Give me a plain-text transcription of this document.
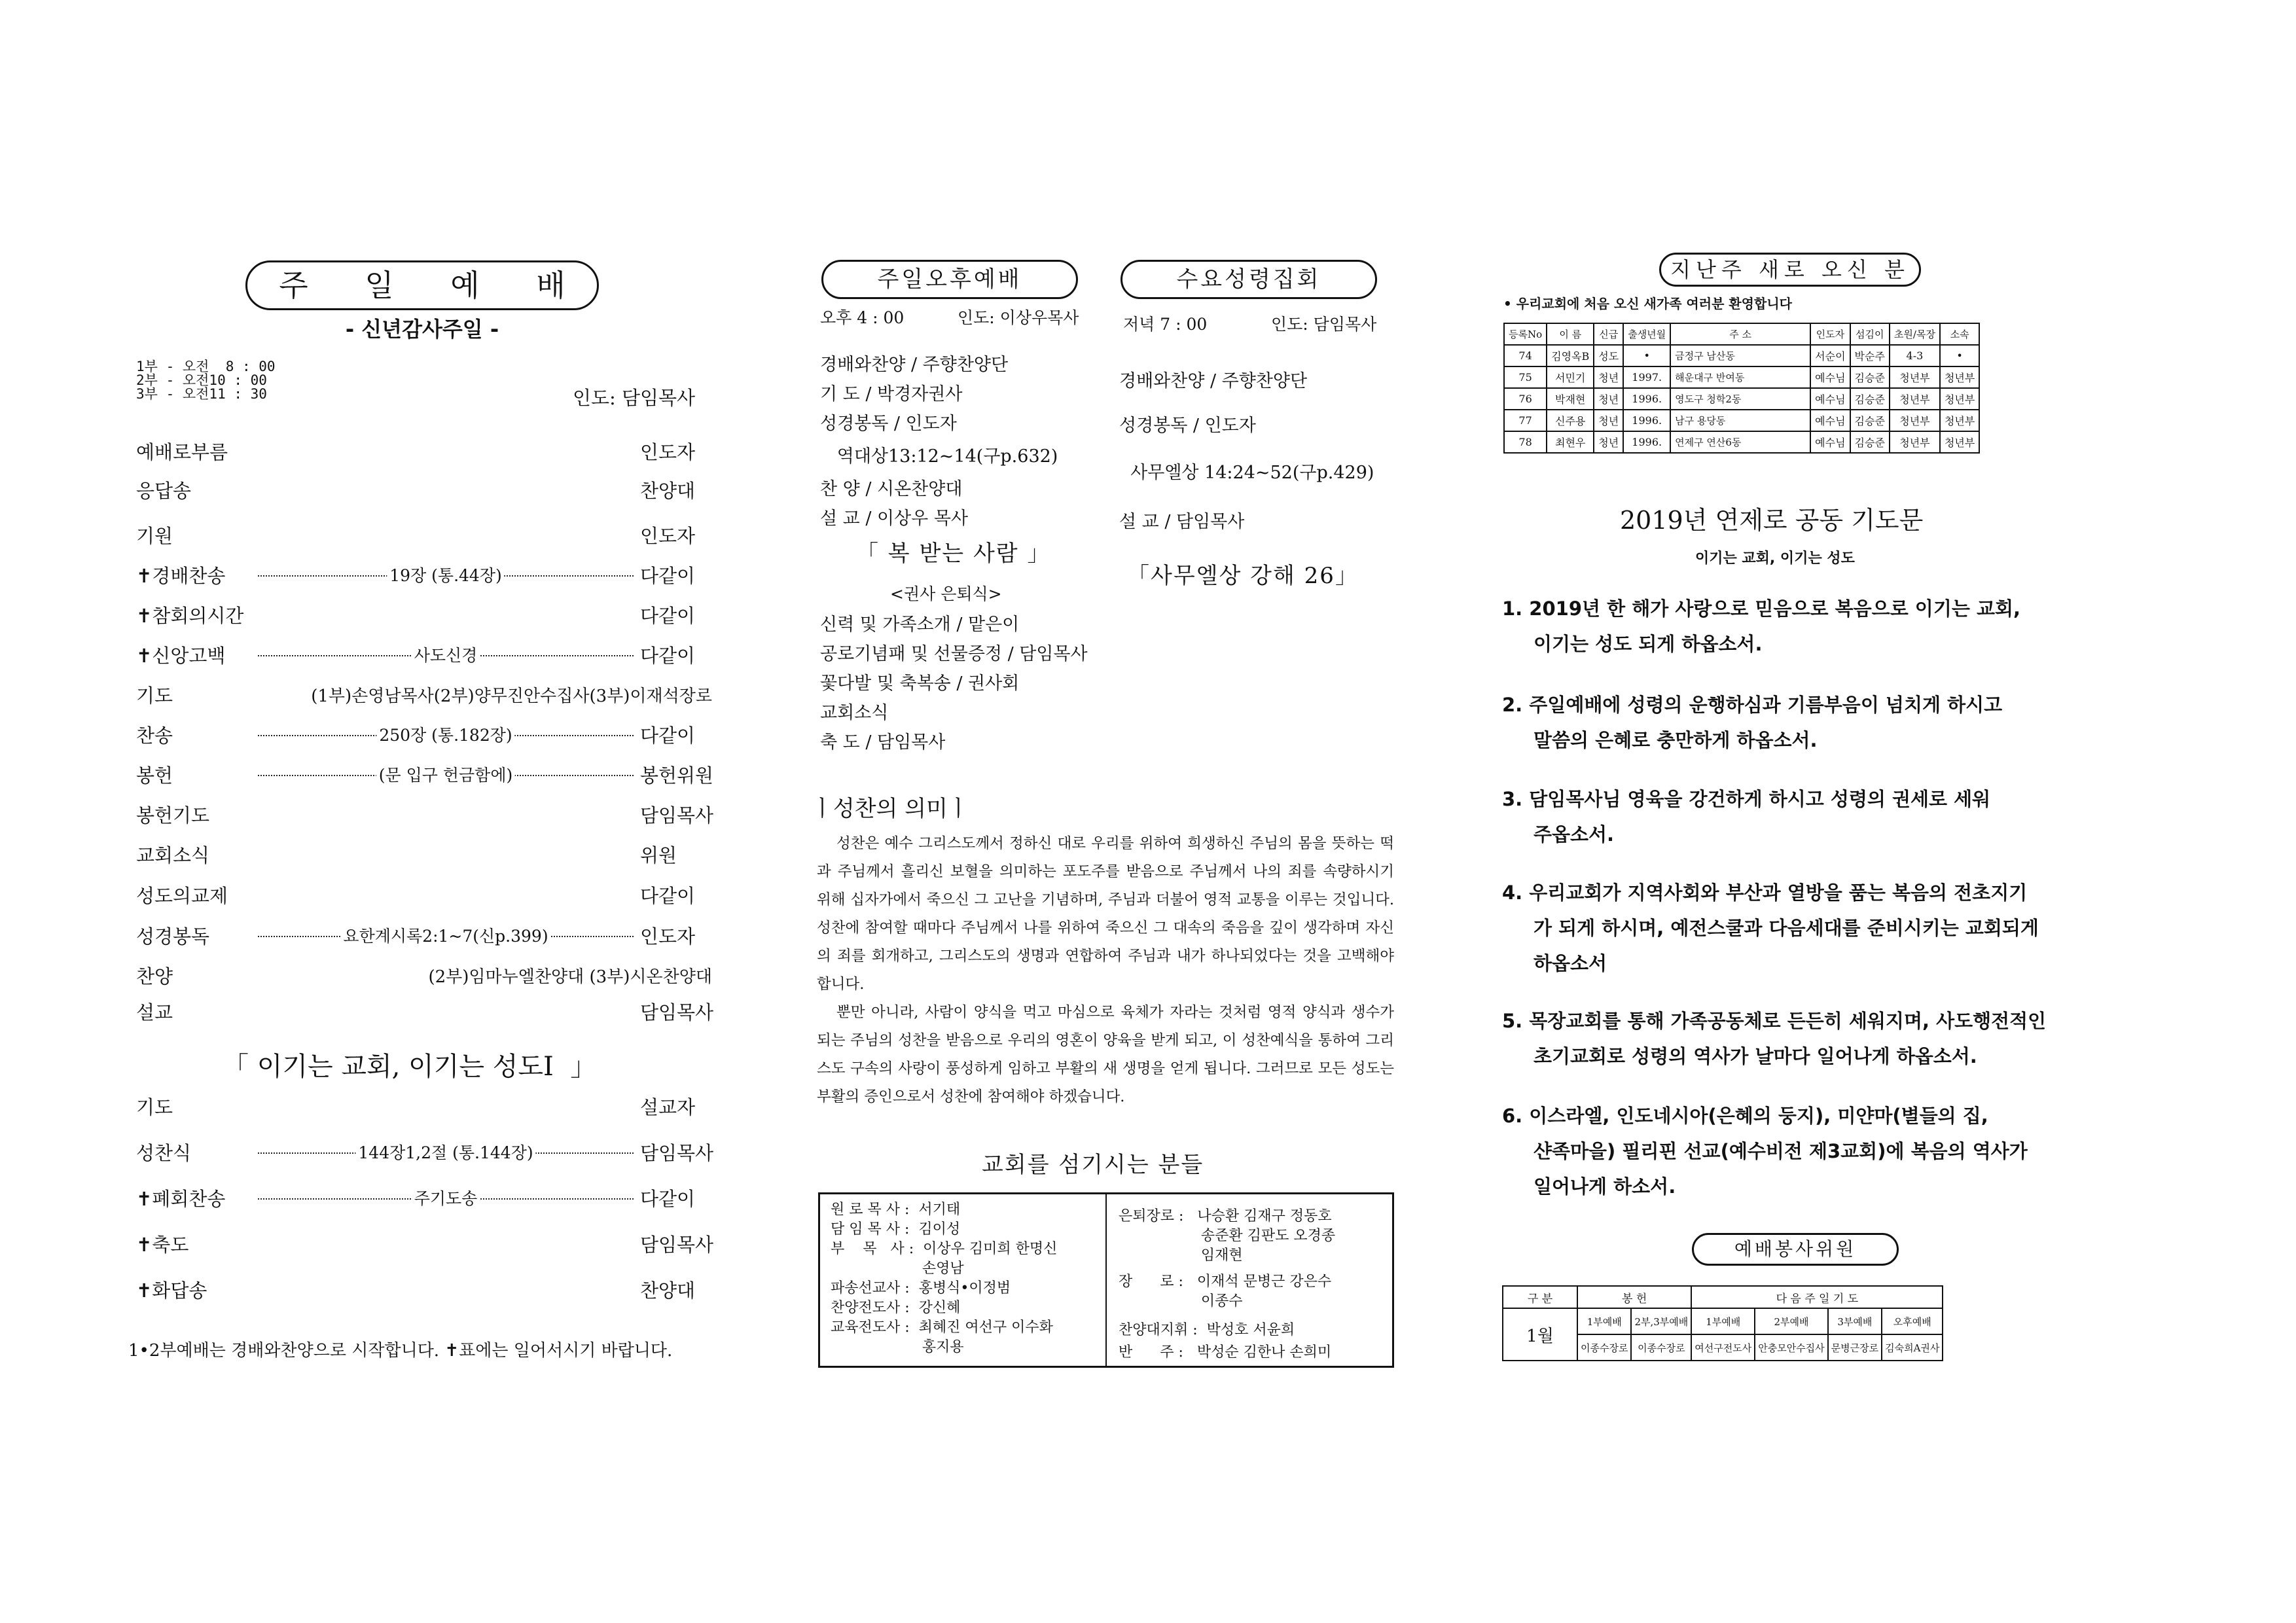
주 일 예 배
- 신년감사주일 -
1부 - 오전  8 : 00
2부 - 오전10 : 00
3부 - 오전11 : 30	인도: 담임목사
예배로부름	인도자
응답송	찬양대
기원	인도자
✝경배찬송	19장 (통.44장)	다같이
✝참회의시간	다같이
✝신앙고백	사도신경	다같이
기도	(1부)손영남목사(2부)양무진안수집사(3부)이재석장로
찬송	250장 (통.182장)	다같이
봉헌	(문 입구 헌금함에)	봉헌위원
봉헌기도	담임목사
교회소식	위원
성도의교제	다같이
성경봉독	요한계시록2:1~7(신p.399)	인도자
찬양	(2부)임마누엘찬양대 (3부)시온찬양대
설교	담임목사
기도	설교자
성찬식	144장1,2절 (통.144장)	담임목사
✝폐회찬송	주기도송	다같이
✝축도	담임목사
✝화답송	찬양대
「 이기는 교회, 이기는 성도Ⅰ  」
1•2부예배는 경배와찬양으로 시작합니다. ✝표에는 일어서시기 바랍니다.
주일오후예배
오후 4 : 00	인도: 이상우목사
경배와찬양 / 주향찬양단
기 도 / 박경자권사
성경봉독 / 인도자
역대상13:12~14(구p.632)
찬 양 / 시온찬양대
설 교 / 이상우 목사
「 복 받는 사람 」
<권사 은퇴식>
신력 및 가족소개 / 맡은이
공로기념패 및 선물증정 / 담임목사
꽃다발 및 축복송 / 권사회
교회소식
축 도 / 담임목사
수요성령집회
저녁 7 : 00	인도: 담임목사
경배와찬양 / 주향찬양단
성경봉독 / 인도자
사무엘상 14:24~52(구p.429)
설 교 / 담임목사
「사무엘상 강해 26」
ㅣ성찬의 의미ㅣ

성찬은 예수 그리스도께서 정하신 대로 우리를 위하여 희생하신 주님의 몸을 뜻하는 떡과 주님께서 흘리신 보혈을 의미하는 포도주를 받음으로 주님께서 나의 죄를 속량하시기 위해 십자가에서 죽으신 그 고난을 기념하며, 주님과 더불어 영적 교통을 이루는 것입니다. 성찬에 참여할 때마다 주님께서 나를 위하여 죽으신 그 대속의 죽음을 깊이 생각하며 자신의 죄를 회개하고, 그리스도의 생명과 연합하여 주님과 내가 하나되었다는 것을 고백해야 합니다.

뿐만 아니라, 사람이 양식을 먹고 마심으로 육체가 자라는 것처럼 영적 양식과 생수가 되는 주님의 성찬을 받음으로 우리의 영혼이 양육을 받게 되고, 이 성찬예식을 통하여 그리스도 구속의 사랑이 풍성하게 임하고 부활의 새 생명을 얻게 됩니다. 그러므로 모든 성도는 부활의 증인으로서 성찬에 참여해야 하겠습니다.

교회를 섬기시는 분들
원 로 목 사 :  서기태
담 임 목 사 :  김이성
부    목   사 :  이상우 김미희 한명신
손영남
파송선교사 :  홍병식•이정범
찬양전도사 :  강신혜
교육전도사 :  최혜진 여선구 이수화
홍지용
은퇴장로 :   나승환 김재구 정동호
송준환 김판도 오경종
임재현
장      로 :   이재석 문병근 강은수
이종수
찬양대지휘 :  박성호 서윤희
반      주 :   박성순 김한나 손희미
지난주 새로 오신 분
• 우리교회에 처음 오신 새가족 여러분 환영합니다
등록No	이 름	신급	출생년월	주 소	인도자	섬김이	초원/목장	소속
74	김영옥B	성도	•	금정구 남산동	서순이	박순주	4-3	•
75	서민기	청년	1997.	해운대구 반여동	예수님	김승준	청년부	청년부
76	박재현	청년	1996.	영도구 청학2동	예수님	김승준	청년부	청년부
77	신주용	청년	1996.	남구 용당동	예수님	김승준	청년부	청년부
78	최현우	청년	1996.	연제구 연산6동	예수님	김승준	청년부	청년부
2019년 연제로 공동 기도문
이기는 교회, 이기는 성도
1. 2019년 한 해가 사랑으로 믿음으로 복음으로 이기는 교회,
이기는 성도 되게 하옵소서.
2. 주일예배에 성령의 운행하심과 기름부음이 넘치게 하시고
말씀의 은혜로 충만하게 하옵소서.
3. 담임목사님 영육을 강건하게 하시고 성령의 권세로 세워
주옵소서.
4. 우리교회가 지역사회와 부산과 열방을 품는 복음의 전초지기
가 되게 하시며, 예전스쿨과 다음세대를 준비시키는 교회되게
하옵소서
5. 목장교회를 통해 가족공동체로 든든히 세워지며, 사도행전적인
초기교회로 성령의 역사가 날마다 일어나게 하옵소서.
6. 이스라엘, 인도네시아(은혜의 둥지), 미얀마(별들의 집,
샨족마을) 필리핀 선교(예수비전 제3교회)에 복음의 역사가
일어나게 하소서.
예배봉사위원
구 분	봉 헌		다 음 주 일 기 도			
1월	1부예배	2부,3부예배	1부예배	2부예배	3부예배	오후예배
	이종수장로	이종수장로	여선구전도사	안충모안수집사	문병근장로	김숙희A권사
